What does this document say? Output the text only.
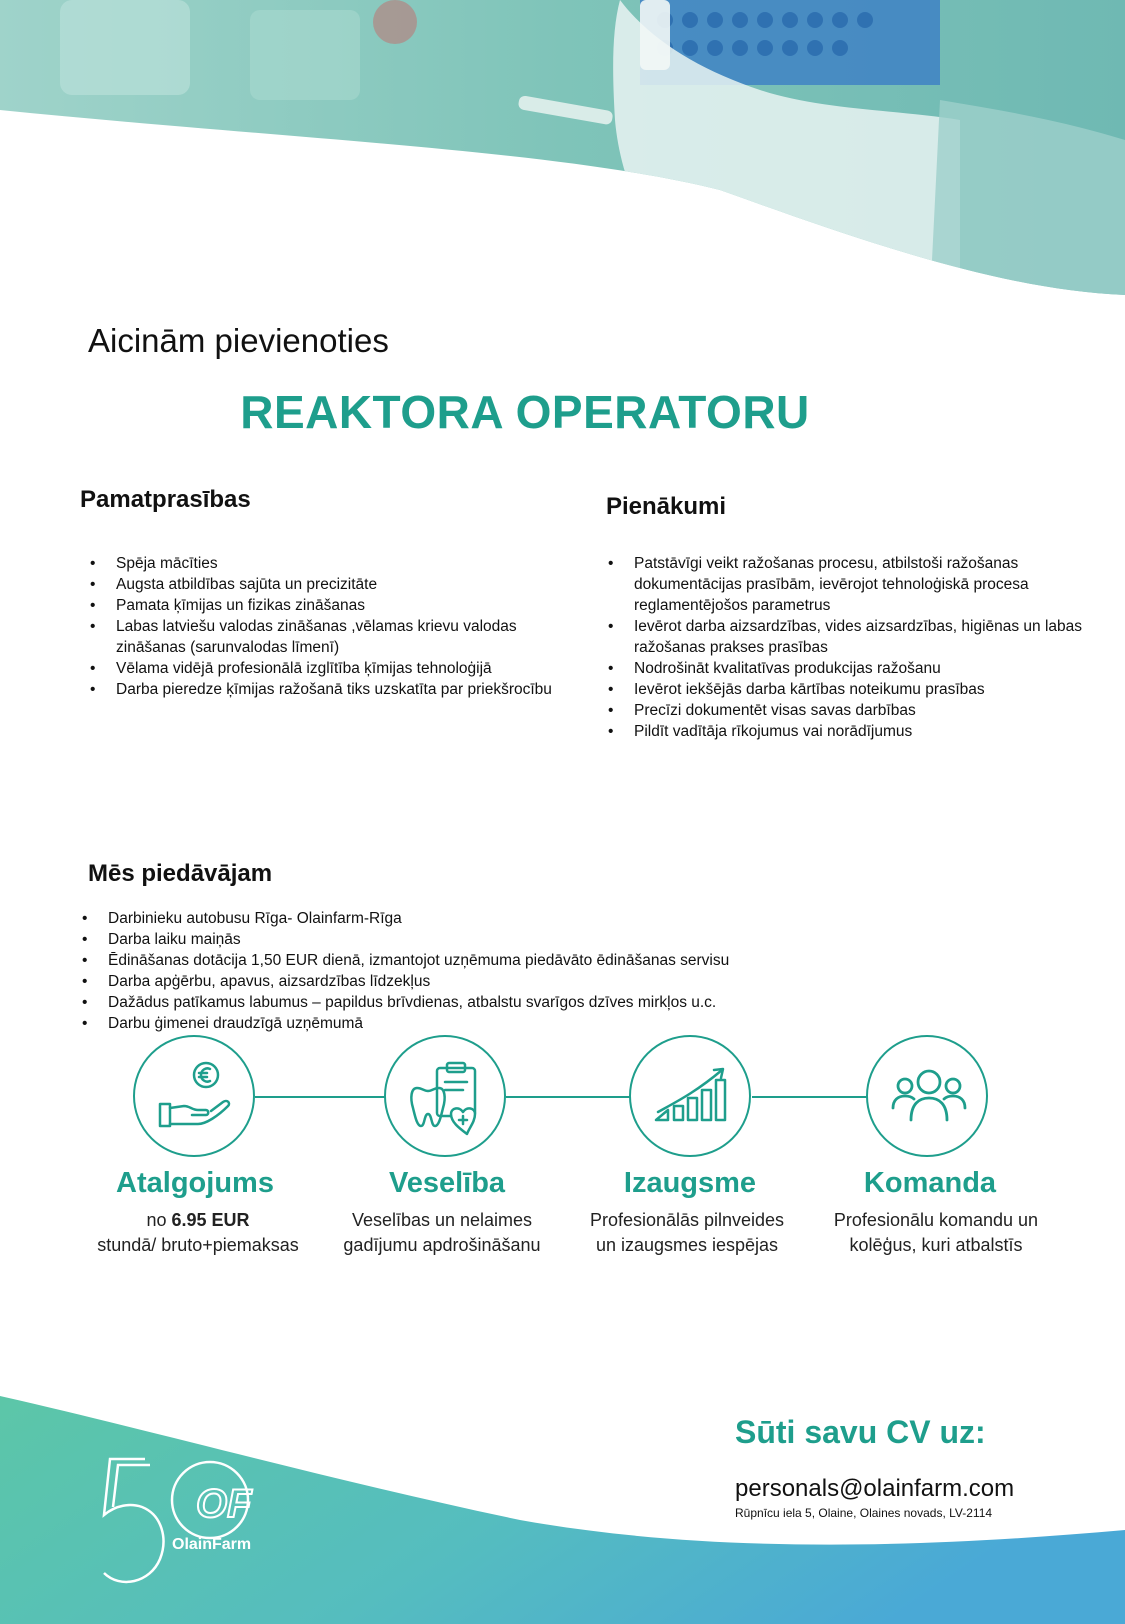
Aicinām pievienoties
REAKTORA OPERATORU
Pamatprasības
• Spēja mācīties
• Augsta atbildības sajūta un precizitāte
• Pamata ķīmijas un fizikas zināšanas
• Labas latviešu valodas zināšanas ,vēlamas krievu valodas zināšanas (sarunvalodas līmenī)
• Vēlama vidējā profesionālā izglītība ķīmijas tehnoloģijā
• Darba pieredze ķīmijas ražošanā tiks uzskatīta par priekšrocību
Pienākumi
• Patstāvīgi veikt ražošanas procesu, atbilstoši ražošanas dokumentācijas prasībām, ievērojot tehnoloģiskā procesa reglamentējošos parametrus
• Ievērot darba aizsardzības, vides aizsardzības, higiēnas un labas ražošanas prakses prasības
• Nodrošināt kvalitatīvas produkcijas ražošanu
• Ievērot iekšējās darba kārtības noteikumu prasības
• Precīzi dokumentēt visas savas darbības
• Pildīt vadītāja rīkojumus vai norādījumus
Mēs piedāvājam
• Darbinieku autobusu Rīga- Olainfarm-Rīga
• Darba laiku maiņās
• Ēdināšanas dotācija 1,50 EUR dienā, izmantojot uzņēmuma piedāvāto ēdināšanas servisu
• Darba apģērbu, apavus, aizsardzības līdzekļus
• Dažādus patīkamus labumus – papildus brīvdienas, atbalstu svarīgos dzīves mirkļos u.c.
• Darbu ģimenei draudzīgā uzņēmumā
Atalgojums	Veselība	Izaugsme	Komanda
no 6.95 EUR
stundā/ bruto+piemaksas
Veselības un nelaimes
gadījumu apdrošināšanu
Profesionālās pilnveides
un izaugsmes iespējas
Profesionālu komandu un
kolēģus, kuri atbalstīs
OF
OlainFarm
Sūti savu CV uz:
personals@olainfarm.com
Rūpnīcu iela 5, Olaine, Olaines novads, LV-2114
